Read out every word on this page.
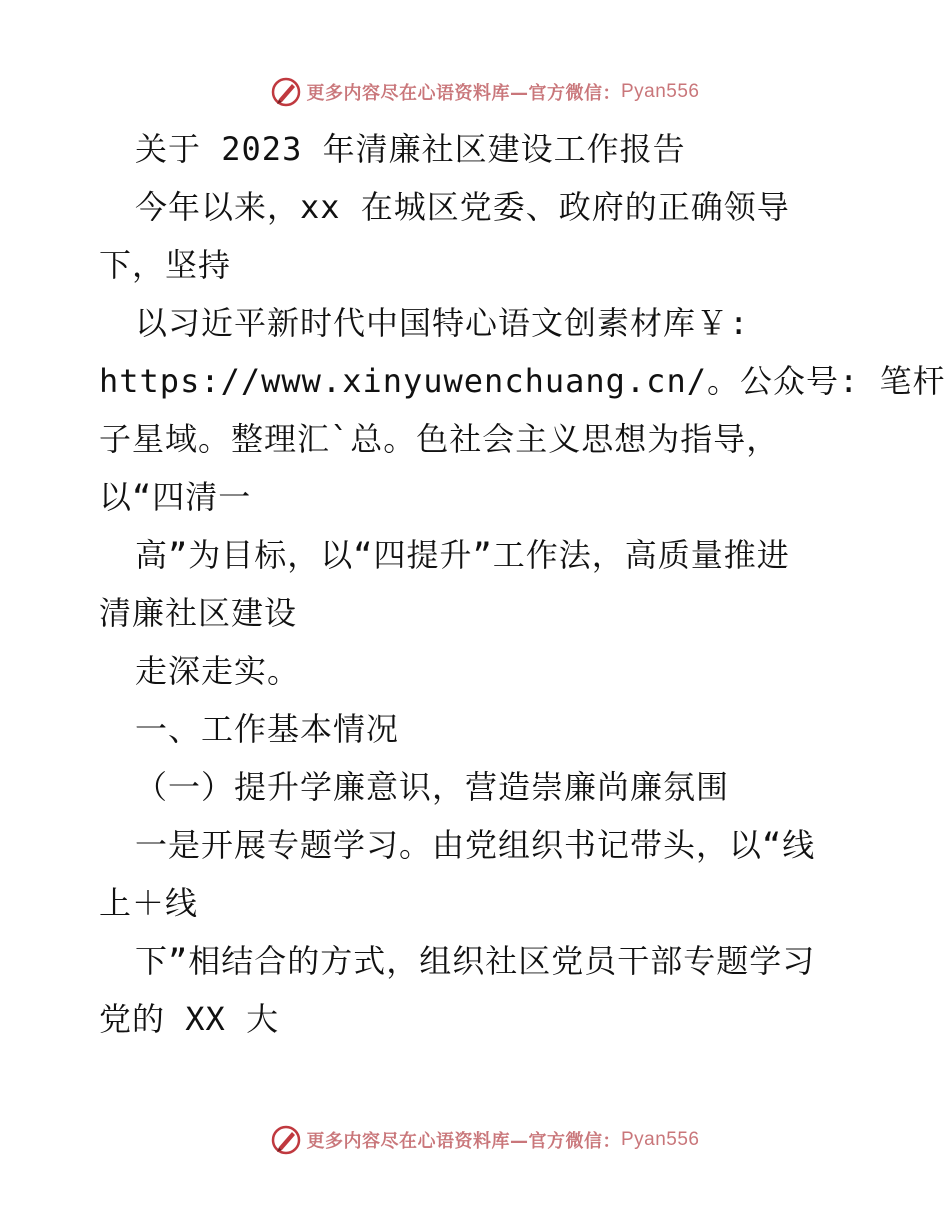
更多内容尽在心语资料库—官方微信： Pyan556
关于 2023 年清廉社区建设工作报告
今年以来，xx 在城区党委、政府的正确领导
下，坚持
以习近平新时代中国特心语文创素材库￥:
https://www.xinyuwenchuang.cn/。公众号: 笔杆
子星域。整理汇`总。色社会主义思想为指导，
以“四清一
高”为目标，以“四提升”工作法，高质量推进
清廉社区建设
走深走实。
一、工作基本情况
（一）提升学廉意识，营造崇廉尚廉氛围
一是开展专题学习。由党组织书记带头，以“线
上＋线
下”相结合的方式，组织社区党员干部专题学习
党的 XX 大
更多内容尽在心语资料库—官方微信： Pyan556
